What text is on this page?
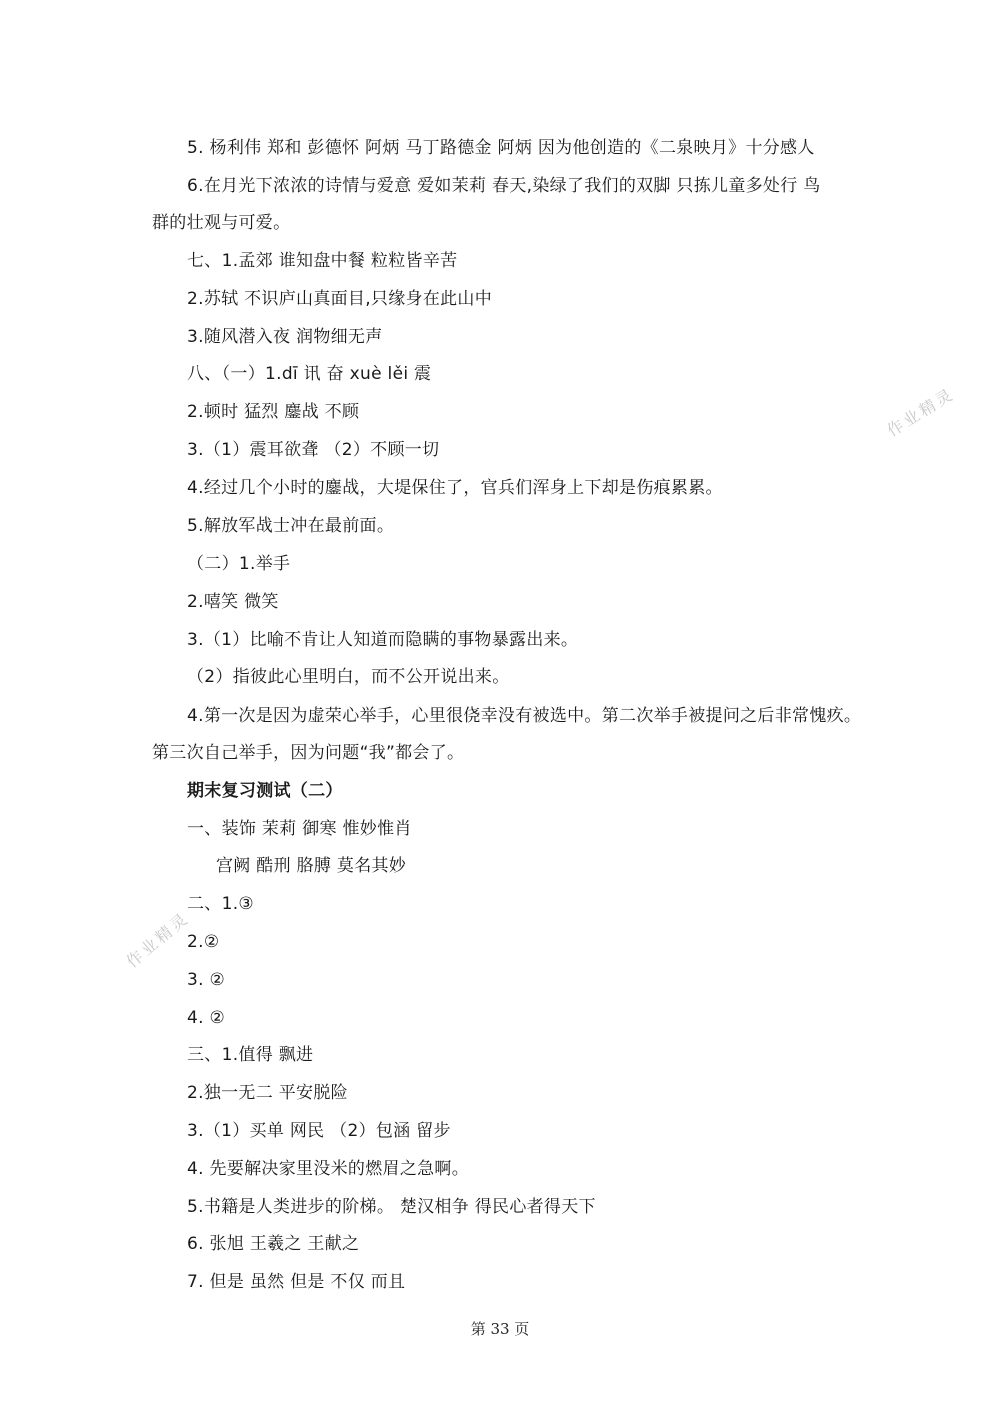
5. 杨利伟 郑和 彭德怀 阿炳 马丁路德金 阿炳 因为他创造的《二泉映月》十分感人
6.在月光下浓浓的诗情与爱意 爱如茉莉 春天,染绿了我们的双脚 只拣儿童多处行 鸟
群的壮观与可爱。
七、1.孟郊 谁知盘中餐 粒粒皆辛苦
2.苏轼 不识庐山真面目,只缘身在此山中
3.随风潜入夜 润物细无声
八、（一）1.dī 讯 奋 xuè lěi 震
2.顿时 猛烈 鏖战 不顾
3.（1）震耳欲聋 （2）不顾一切
4.经过几个小时的鏖战，大堤保住了，官兵们浑身上下却是伤痕累累。
5.解放军战士冲在最前面。
（二）1.举手
2.嘻笑 微笑
3.（1）比喻不肯让人知道而隐瞒的事物暴露出来。
（2）指彼此心里明白，而不公开说出来。
4.第一次是因为虚荣心举手，心里很侥幸没有被选中。第二次举手被提问之后非常愧疚。
第三次自己举手，因为问题“我”都会了。
期末复习测试（二）
一、装饰 茉莉 御寒 惟妙惟肖
宫阙 酷刑 胳膊 莫名其妙
二、1.③
2.②
3. ②
4. ②
三、1.值得 飘进
2.独一无二 平安脱险
3.（1）买单 网民 （2）包涵 留步
4. 先要解决家里没米的燃眉之急啊。
5.书籍是人类进步的阶梯。 楚汉相争 得民心者得天下
6. 张旭 王羲之 王献之
7. 但是 虽然 但是 不仅 而且
作业精灵
作业精灵
第 33 页
